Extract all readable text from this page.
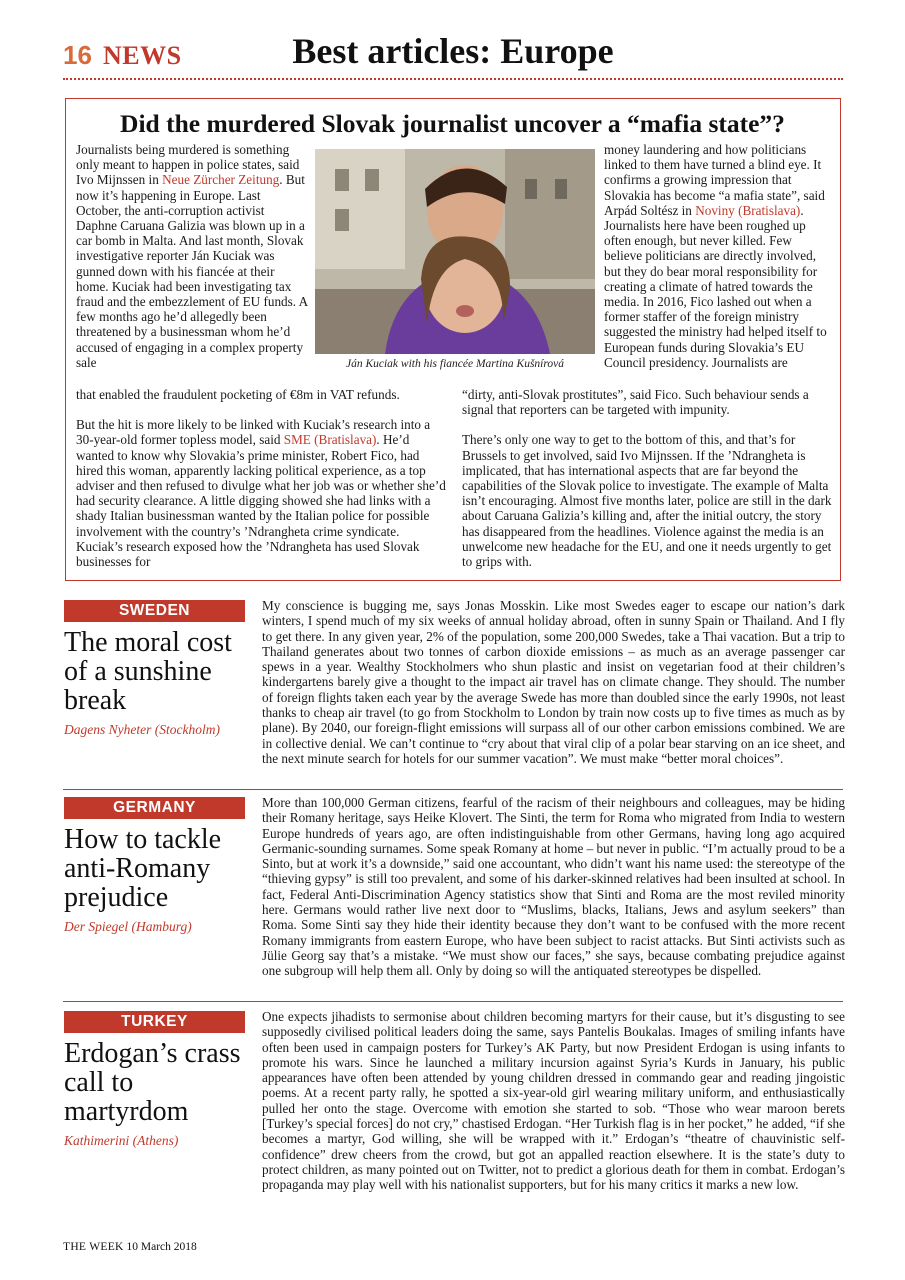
16 NEWS	Best articles: Europe
Did the murdered Slovak journalist uncover a “mafia state”?
Ján Kuciak with his fiancée Martina Kušnírová
Journalists being murdered is something only meant to happen in police states, said Ivo Mijnssen in Neue Zürcher Zeitung. But now it’s happening in Europe. Last October, the anti-corruption activist Daphne Caruana Galizia was blown up in a car bomb in Malta. And last month, Slovak investigative reporter Ján Kuciak was gunned down with his fiancée at their home. Kuciak had been investigating tax fraud and the embezzlement of EU funds. A few months ago he’d allegedly been threatened by a businessman whom he’d accused of engaging in a complex property sale

that enabled the fraudulent pocketing of €8m in VAT refunds.

But the hit is more likely to be linked with Kuciak’s research into a 30-year-old former topless model, said SME (Bratislava). He’d wanted to know why Slovakia’s prime minister, Robert Fico, had hired this woman, apparently lacking political experience, as a top adviser and then refused to divulge what her job was or whether she’d had security clearance. A little digging showed she had links with a shady Italian businessman wanted by the Italian police for possible involvement with the country’s ’Ndrangheta crime syndicate. Kuciak’s research exposed how the ’Ndrangheta has used Slovak businesses for

money laundering and how politicians linked to them have turned a blind eye. It confirms a growing impression that Slovakia has become “a mafia state”, said Arpád Soltész in Noviny (Bratislava). Journalists here have been roughed up often enough, but never killed. Few believe politicians are directly involved, but they do bear moral responsibility for creating a climate of hatred towards the media. In 2016, Fico lashed out when a former staffer of the foreign ministry suggested the ministry had helped itself to European funds during Slovakia’s EU Council presidency. Journalists are

“dirty, anti-Slovak prostitutes”, said Fico. Such behaviour sends a signal that reporters can be targeted with impunity.

There’s only one way to get to the bottom of this, and that’s for Brussels to get involved, said Ivo Mijnssen. If the ’Ndrangheta is implicated, that has international aspects that are far beyond the capabilities of the Slovak police to investigate. The example of Malta isn’t encouraging. Almost five months later, police are still in the dark about Caruana Galizia’s killing and, after the initial outcry, the story has disappeared from the headlines. Violence against the media is an unwelcome new headache for the EU, and one it needs urgently to get to grips with.

SWEDEN
The moral cost of a sunshine break
Dagens Nyheter (Stockholm)
My conscience is bugging me, says Jonas Mosskin. Like most Swedes eager to escape our nation’s dark winters, I spend much of my six weeks of annual holiday abroad, often in sunny Spain or Thailand. And I fly to get there. In any given year, 2% of the population, some 200,000 Swedes, take a Thai vacation. But a trip to Thailand generates about two tonnes of carbon dioxide emissions – as much as an average passenger car spews in a year. Wealthy Stockholmers who shun plastic and insist on vegetarian food at their children’s kindergartens barely give a thought to the impact air travel has on climate change. They should. The number of foreign flights taken each year by the average Swede has more than doubled since the early 1990s, not least thanks to cheap air travel (to go from Stockholm to London by train now costs up to five times as much as by plane). By 2040, our foreign-flight emissions will surpass all of our other carbon emissions combined. We are in collective denial. We can’t continue to “cry about that viral clip of a polar bear starving on an ice sheet, and the next minute search for hotels for our summer vacation”. We must make “better moral choices”.
GERMANY
How to tackle anti-Romany prejudice
Der Spiegel (Hamburg)
More than 100,000 German citizens, fearful of the racism of their neighbours and colleagues, may be hiding their Romany heritage, says Heike Klovert. The Sinti, the term for Roma who migrated from India to western Europe hundreds of years ago, are often indistinguishable from other Germans, having long ago acquired Germanic-sounding surnames. Some speak Romany at home – but never in public. “I’m actually proud to be a Sinto, but at work it’s a downside,” said one accountant, who didn’t want his name used: the stereotype of the “thieving gypsy” is still too prevalent, and some of his darker-skinned relatives had been insulted at school. In fact, Federal Anti-Discrimination Agency statistics show that Sinti and Roma are the most reviled minority here. Germans would rather live next door to “Muslims, blacks, Italians, Jews and asylum seekers” than Roma. Some Sinti say they hide their identity because they don’t want to be confused with the more recent Romany immigrants from eastern Europe, who have been subject to racist attacks. But Sinti activists such as Jülie Georg say that’s a mistake. “We must show our faces,” she says, because combating prejudice against one subgroup will help them all. Only by doing so will the antiquated stereotypes be dispelled.
TURKEY
Erdogan’s crass call to martyrdom
Kathimerini (Athens)
One expects jihadists to sermonise about children becoming martyrs for their cause, but it’s disgusting to see supposedly civilised political leaders doing the same, says Pantelis Boukalas. Images of smiling infants have often been used in campaign posters for Turkey’s AK Party, but now President Erdogan is using infants to promote his wars. Since he launched a military incursion against Syria’s Kurds in January, his public appearances have often been attended by young children dressed in commando gear and reading jingoistic poems. At a recent party rally, he spotted a six-year-old girl wearing military uniform, and enthusiastically pulled her onto the stage. Overcome with emotion she started to sob. “Those who wear maroon berets [Turkey’s special forces] do not cry,” chastised Erdogan. “Her Turkish flag is in her pocket,” he added, “if she becomes a martyr, God willing, she will be wrapped with it.” Erdogan’s “theatre of chauvinistic self-confidence” drew cheers from the crowd, but got an appalled reaction elsewhere. It is the state’s duty to protect children, as many pointed out on Twitter, not to predict a glorious death for them in combat. Erdogan’s propaganda may play well with his nationalist supporters, but for his many critics it marks a new low.
THE WEEK 10 March 2018
